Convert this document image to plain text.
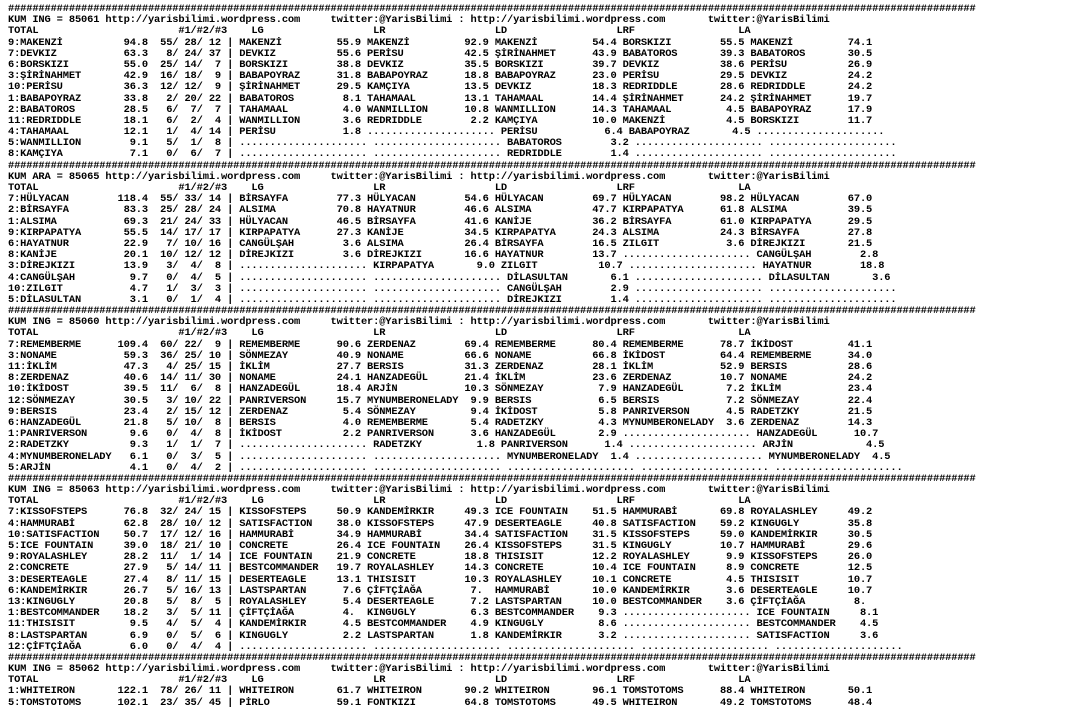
###############################################################################################################################################################
KUM ING = 85061 http://yarisbilimi.wordpress.com     twitter:@YarisBilimi : http://yarisbilimi.wordpress.com       twitter:@YarisBilimi
TOTAL                       #1/#2/#3    LG                  LR                  LD                  LRF                 LA
9:MAKENZİ          94.8  55/ 28/ 12 | MAKENZİ         55.9 MAKENZİ         92.9 MAKENZİ         54.4 BORSKIZI        55.5 MAKENZİ         74.1
7:DEVKIZ           63.3   8/ 24/ 37 | DEVKIZ          55.6 PERİSU          42.5 ŞİRİNAHMET      43.9 BABATOROS       39.3 BABATOROS       30.5
6:BORSKIZI         55.0  25/ 14/  7 | BORSKIZI        38.8 DEVKIZ          35.5 BORSKIZI        39.7 DEVKIZ          38.6 PERİSU          26.9
3:ŞİRİNAHMET       42.9  16/ 18/  9 | BABAPOYRAZ      31.8 BABAPOYRAZ      18.8 BABAPOYRAZ      23.0 PERİSU          29.5 DEVKIZ          24.2
10:PERİSU          36.3  12/ 12/  9 | ŞİRİNAHMET      29.5 KAMÇIYA         13.5 DEVKIZ          18.3 REDRIDDLE       28.6 REDRIDDLE       24.2
1:BABAPOYRAZ       33.8   2/ 20/ 22 | BABATOROS        8.1 TAHAMAAL        13.1 TAHAMAAL        14.4 ŞİRİNAHMET      24.2 ŞİRİNAHMET      19.7
2:BABATOROS        28.5   6/  7/  7 | TAHAMAAL         4.0 WANMILLION      10.8 WANMILLION      14.3 TAHAMAAL         4.5 BABAPOYRAZ      17.9
11:REDRIDDLE       18.1   6/  2/  4 | WANMILLION       3.6 REDRIDDLE        2.2 KAMÇIYA         10.0 MAKENZİ          4.5 BORSKIZI        11.7
4:TAHAMAAL         12.1   1/  4/ 14 | PERİSU           1.8 ..................... PERİSU           6.4 BABAPOYRAZ       4.5 .....................
5:WANMILLION        9.1   5/  1/  8 | ..................... ..................... BABATOROS        3.2 ..................... .....................
8:KAMÇIYA           7.1   0/  6/  7 | ..................... ..................... REDRIDDLE        1.4 ..................... .....................
###############################################################################################################################################################
KUM ARA = 85065 http://yarisbilimi.wordpress.com     twitter:@YarisBilimi : http://yarisbilimi.wordpress.com       twitter:@YarisBilimi
TOTAL                       #1/#2/#3    LG                  LR                  LD                  LRF                 LA
7:HÜLYACAN        118.4  55/ 33/ 14 | BİRSAYFA        77.3 HÜLYACAN        54.6 HÜLYACAN        69.7 HÜLYACAN        98.2 HÜLYACAN        67.0
2:BİRSAYFA         83.3  25/ 28/ 24 | ALSIMA          70.8 HAYATNUR        46.6 ALSIMA          47.7 KIRPAPATYA      61.8 ALSIMA          39.5
1:ALSIMA           69.3  21/ 24/ 33 | HÜLYACAN        46.5 BİRSAYFA        41.6 KANİJE          36.2 BİRSAYFA        61.0 KIRPAPATYA      29.5
9:KIRPAPATYA       55.5  14/ 17/ 17 | KIRPAPATYA      27.3 KANİJE          34.5 KIRPAPATYA      24.3 ALSIMA          24.3 BİRSAYFA        27.8
6:HAYATNUR         22.9   7/ 10/ 16 | CANGÜLŞAH        3.6 ALSIMA          26.4 BİRSAYFA        16.5 ZILGIT           3.6 DİREJKIZI       21.5
8:KANİJE           20.1  10/ 12/ 12 | DİREJKIZI        3.6 DİREJKIZI       16.6 HAYATNUR        13.7 ..................... CANGÜLŞAH        2.8
3:DİREJKIZI        13.9   3/  4/  8 | ..................... KIRPAPATYA       9.0 ZILGIT          10.7 ..................... HAYATNUR        18.8
4:CANGÜLŞAH         9.7   0/  4/  5 | ..................... ..................... DİLASULTAN       6.1 ..................... DİLASULTAN       3.6
10:ZILGIT           4.7   1/  3/  3 | ..................... ..................... CANGÜLŞAH        2.9 ..................... .....................
5:DİLASULTAN        3.1   0/  1/  4 | ..................... ..................... DİREJKIZI        1.4 ..................... .....................
###############################################################################################################################################################
KUM ING = 85060 http://yarisbilimi.wordpress.com     twitter:@YarisBilimi : http://yarisbilimi.wordpress.com       twitter:@YarisBilimi
TOTAL                       #1/#2/#3    LG                  LR                  LD                  LRF                 LA
7:REMEMBERME      109.4  60/ 22/  9 | REMEMBERME      90.6 ZERDENAZ        69.4 REMEMBERME      80.4 REMEMBERME      78.7 İKİDOST         41.1
3:NONAME           59.3  36/ 25/ 10 | SÖNMEZAY        40.9 NONAME          66.6 NONAME          66.8 İKİDOST         64.4 REMEMBERME      34.0
11:İKLİM           47.3   4/ 25/ 15 | İKLİM           27.7 BERSIS          31.3 ZERDENAZ        28.1 İKLİM           52.9 BERSIS          28.6
8:ZERDENAZ         40.6  14/ 11/ 30 | NONAME          24.1 HANZADEGÜL      21.4 İKLİM           23.6 ZERDENAZ        10.7 NONAME          24.2
10:İKİDOST         39.5  11/  6/  8 | HANZADEGÜL      18.4 ARJİN           10.3 SÖNMEZAY         7.9 HANZADEGÜL       7.2 İKLİM           23.4
12:SÖNMEZAY        30.5   3/ 10/ 22 | PANRIVERSON     15.7 MYNUMBERONELADY  9.9 BERSIS           6.5 BERSIS           7.2 SÖNMEZAY        22.4
9:BERSIS           23.4   2/ 15/ 12 | ZERDENAZ         5.4 SÖNMEZAY         9.4 İKİDOST          5.8 PANRIVERSON      4.5 RADETZKY        21.5
6:HANZADEGÜL       21.8   5/ 10/  8 | BERSIS           4.0 REMEMBERME       5.4 RADETZKY         4.3 MYNUMBERONELADY  3.6 ZERDENAZ        14.3
1:PANRIVERSON       9.6   0/  4/  8 | İKİDOST          2.2 PANRIVERSON      3.6 HANZADEGÜL       2.9 ..................... HANZADEGÜL      10.7
2:RADETZKY          9.3   1/  1/  7 | ..................... RADETZKY         1.8 PANRIVERSON      1.4 ..................... ARJİN            4.5
4:MYNUMBERONELADY   6.1   0/  3/  5 | ..................... ..................... MYNUMBERONELADY  1.4 ..................... MYNUMBERONELADY  4.5
5:ARJİN             4.1   0/  4/  2 | ..................... ..................... ..................... ..................... .....................
###############################################################################################################################################################
KUM ING = 85063 http://yarisbilimi.wordpress.com     twitter:@YarisBilimi : http://yarisbilimi.wordpress.com       twitter:@YarisBilimi
TOTAL                       #1/#2/#3    LG                  LR                  LD                  LRF                 LA
7:KISSOFSTEPS      76.8  32/ 24/ 15 | KISSOFSTEPS     50.9 KANDEMİRKIR     49.3 ICE FOUNTAIN    51.5 HAMMURABİ       69.8 ROYALASHLEY     49.2
4:HAMMURABİ        62.8  28/ 10/ 12 | SATISFACTION    38.0 KISSOFSTEPS     47.9 DESERTEAGLE     40.8 SATISFACTION    59.2 KINGUGLY        35.8
10:SATISFACTION    50.7  17/ 12/ 16 | HAMMURABİ       34.9 HAMMURABİ       34.4 SATISFACTION    31.5 KISSOFSTEPS     59.0 KANDEMİRKIR     30.5
5:ICE FOUNTAIN     39.0  18/ 21/ 10 | CONCRETE        26.4 ICE FOUNTAIN    26.4 KISSOFSTEPS     31.5 KINGUGLY        10.7 HAMMURABİ       29.6
9:ROYALASHLEY      28.2  11/  1/ 14 | ICE FOUNTAIN    21.9 CONCRETE        18.8 THISISIT        12.2 ROYALASHLEY      9.9 KISSOFSTEPS     26.0
2:CONCRETE         27.9   5/ 14/ 11 | BESTCOMMANDER   19.7 ROYALASHLEY     14.3 CONCRETE        10.4 ICE FOUNTAIN     8.9 CONCRETE        12.5
3:DESERTEAGLE      27.4   8/ 11/ 15 | DESERTEAGLE     13.1 THISISIT        10.3 ROYALASHLEY     10.1 CONCRETE         4.5 THISISIT        10.7
6:KANDEMİRKIR      26.7   5/ 16/ 13 | LASTSPARTAN      7.6 ÇİFTÇİAĞA        7.  HAMMURABİ       10.0 KANDEMİRKIR      3.6 DESERTEAGLE     10.7
13:KINGUGLY        20.8   5/  8/  5 | ROYALASHLEY      5.4 DESERTEAGLE      7.2 LASTSPARTAN     10.0 BESTCOMMANDER    3.6 ÇİFTÇİAĞA        8.
1:BESTCOMMANDER    18.2   3/  5/ 11 | ÇİFTÇİAĞA        4.  KINGUGLY         6.3 BESTCOMMANDER    9.3 ..................... ICE FOUNTAIN     8.1
11:THISISIT         9.5   4/  5/  4 | KANDEMİRKIR      4.5 BESTCOMMANDER    4.9 KINGUGLY         8.6 ..................... BESTCOMMANDER    4.5
8:LASTSPARTAN       6.9   0/  5/  6 | KINGUGLY         2.2 LASTSPARTAN      1.8 KANDEMİRKIR      3.2 ..................... SATISFACTION     3.6
12:ÇİFTÇİAĞA        6.0   0/  4/  4 | ..................... ..................... ..................... ..................... .....................
###############################################################################################################################################################
KUM ING = 85062 http://yarisbilimi.wordpress.com     twitter:@YarisBilimi : http://yarisbilimi.wordpress.com       twitter:@YarisBilimi
TOTAL                       #1/#2/#3    LG                  LR                  LD                  LRF                 LA
1:WHITEIRON       122.1  78/ 26/ 11 | WHITEIRON       61.7 WHITEIRON       90.2 WHITEIRON       96.1 TOMSTOTOMS      88.4 WHITEIRON       50.1
5:TOMSTOTOMS      102.1  23/ 35/ 45 | PİRLO           59.1 FONTKIZI        64.8 TOMSTOTOMS      49.5 WHITEIRON       49.2 TOMSTOTOMS      48.4
